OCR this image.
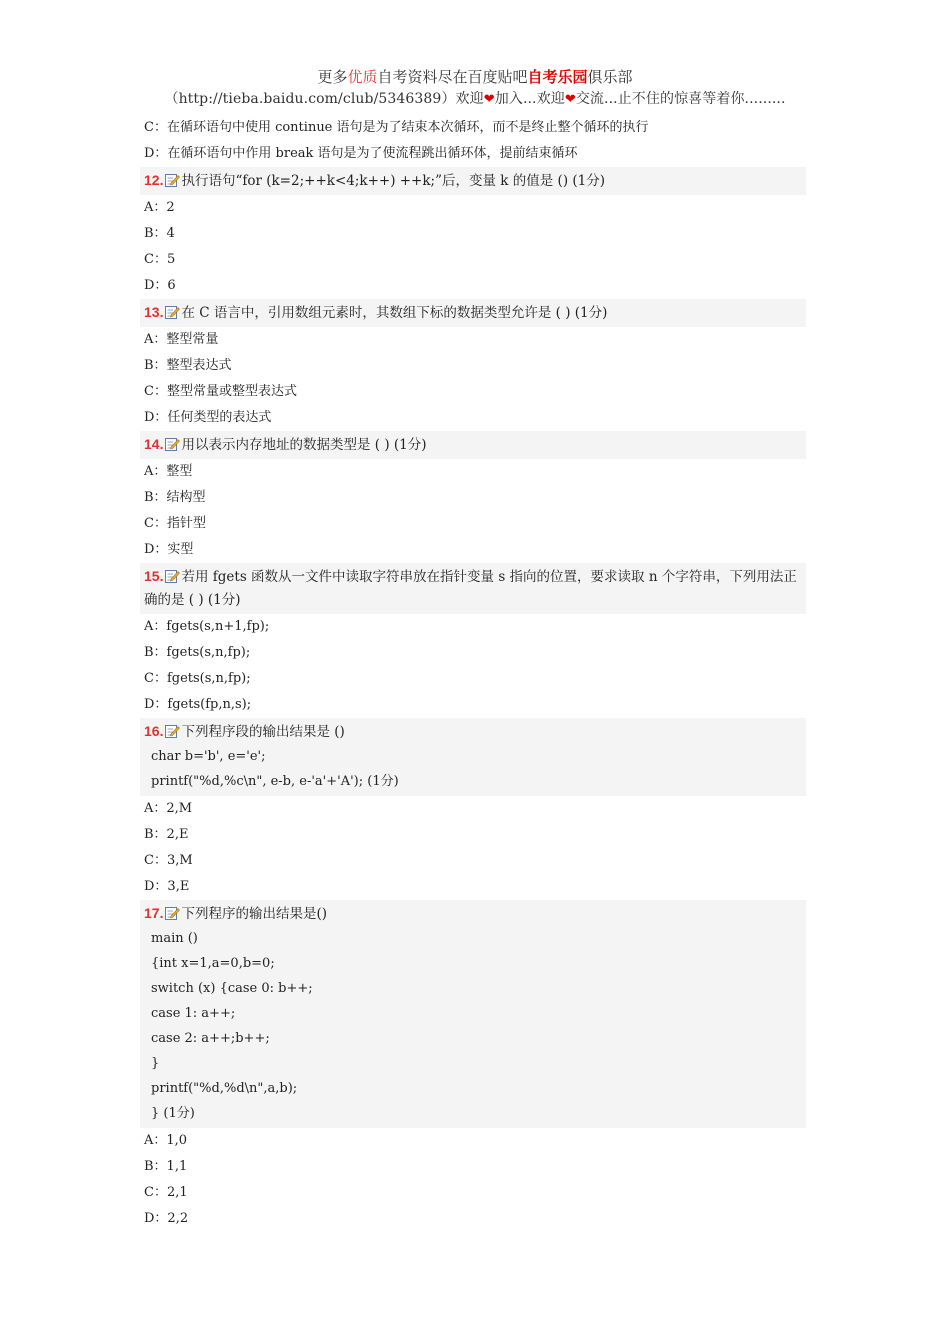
更多优质自考资料尽在百度贴吧自考乐园俱乐部
（http://tieba.baidu.com/club/5346389）欢迎❤加入...欢迎❤交流...止不住的惊喜等着你.........
C：在循环语句中使用 continue 语句是为了结束本次循环，而不是终止整个循环的执行
D：在循环语句中作用 break 语句是为了使流程跳出循环体，提前结束循环
12. 执行语句“for (k=2;++k<4;k++) ++k;”后，变量 k 的值是 () (1分)
A：2
B：4
C：5
D：6
13. 在 C 语言中，引用数组元素时，其数组下标的数据类型允许是 ( ) (1分)
A：整型常量
B：整型表达式
C：整型常量或整型表达式
D：任何类型的表达式
14. 用以表示内存地址的数据类型是 ( ) (1分)
A：整型
B：结构型
C：指针型
D：实型
15. 若用 fgets 函数从一文件中读取字符串放在指针变量 s 指向的位置，要求读取 n 个字符串，下列用法正确的是 ( ) (1分)
A：fgets(s,n+1,fp);
B：fgets(s,n,fp);
C：fgets(s,n,fp);
D：fgets(fp,n,s);
16. 下列程序段的输出结果是 ()
char b='b', e='e';
printf("%d,%c\n", e-b, e-'a'+'A'); (1分)
A：2,M
B：2,E
C：3,M
D：3,E
17. 下列程序的输出结果是()
main ()
{int x=1,a=0,b=0;
switch (x) {case 0: b++;
case 1: a++;
case 2: a++;b++;
}
printf("%d,%d\n",a,b);
} (1分)
A：1,0
B：1,1
C：2,1
D：2,2
